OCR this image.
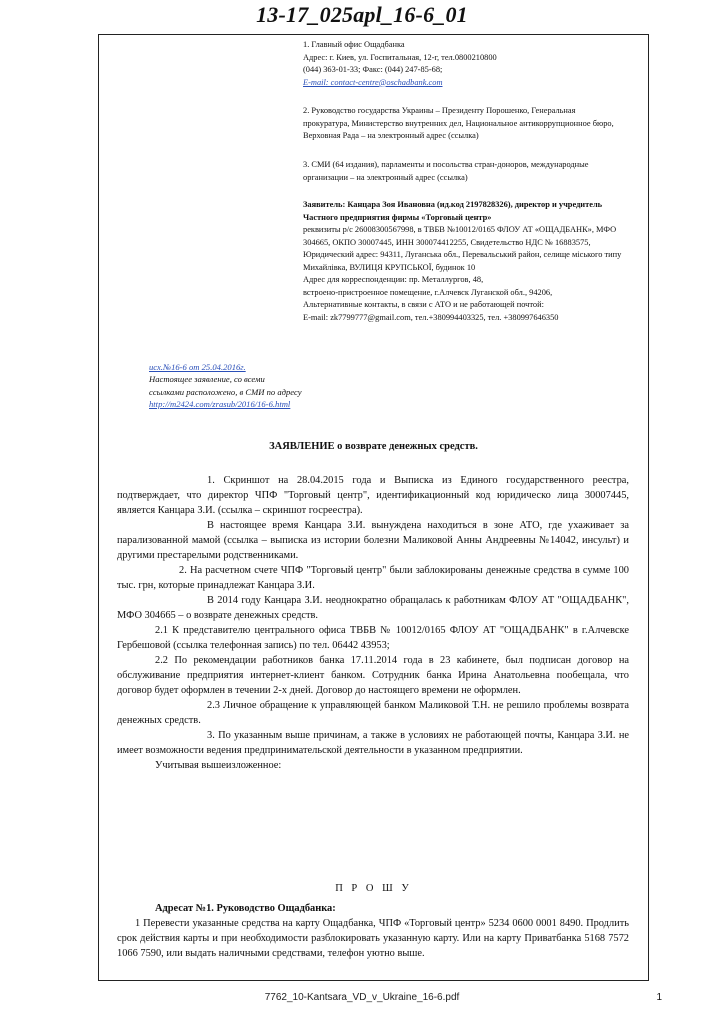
13-17_025apl_16-6_01

1. Главный офис Ощадбанка

Адрес: г. Киев, ул. Госпитальная, 12-г, тел.0800210800

(044) 363-01-33; Факс: (044) 247-85-68;

E-mail: contact-centre@oschadbank.com

2. Руководство государства Украины – Президенту Порошенко, Генеральная прокуратура, Министерство внутренних дел, Национальное антикоррупционное бюро, Верховная Рада – на электронный адрес (ссылка)

3. СМИ (64 издания), парламенты и посольства стран-доноров, международные организации – на электронный адрес (ссылка)

Заявитель: Канцара Зоя Ивановна (ид.код 2197828326), директор и учредитель Частного предприятия фирмы «Торговый центр»

реквизиты р/с 26008300567998, в ТВБВ №10012/0165 ФЛОУ АТ «ОЩАДБАНК», МФО 304665, ОКПО 30007445, ИНН 300074412255, Свидетельство НДС № 16883575,

Юридический адрес: 94311, Луганська обл., Перевальський район, селище міського типу Михайлівка, ВУЛИЦЯ КРУПСЬКОЇ, будинок 10

Адрес для корреспонденции: пр. Металлургов, 48,

встроено-пристроенное помещение, г.Алчевск Луганской обл., 94206,

Альтернативные контакты, в связи с АТО и не работающей почтой:

E-mail: zk7799777@gmail.com, тел.+380994403325, тел. +380997646350

исх.№16-6 от 25.04.2016г.

Настоящее заявление, со всеми

ссылками расположено, в СМИ по адресу

http://m2424.com/zrasub/2016/16-6.html

ЗАЯВЛЕНИЕ о возврате денежных средств.

1. Скриншот на 28.04.2015 года и Выписка из Единого государственного реестра, подтверждает, что директор ЧПФ "Торговый центр", идентификационный код юридическо лица 30007445, является Канцара З.И. (ссылка – скриншот госреестра).

В настоящее время Канцара З.И. вынуждена находиться в зоне АТО, где ухаживает за парализованной мамой (ссылка – выписка из истории болезни Маликовой Анны Андреевны №14042, инсульт) и другими престарелыми родственниками.

2. На расчетном счете ЧПФ "Торговый центр" были заблокированы денежные средства в сумме 100 тыс. грн, которые принадлежат Канцара З.И.

В 2014 году Канцара З.И. неоднократно обращалась к работникам ФЛОУ АТ "ОЩАДБАНК", МФО 304665 – о возврате денежных средств.

2.1 К представителю центрального офиса ТВБВ № 10012/0165 ФЛОУ АТ "ОЩАДБАНК" в г.Алчевске Гербешовой (ссылка телефонная запись) по тел. 06442 43953;

2.2 По рекомендации работников банка 17.11.2014 года в 23 кабинете, был подписан договор на обслуживание предприятия интернет-клиент банком. Сотрудник банка Ирина Анатольевна пообещала, что договор будет оформлен в течении 2-х дней. Договор до настоящего времени не оформлен.

2.3 Личное обращение к управляющей банком Маликовой Т.Н. не решило проблемы возврата денежных средств.

3. По указанным выше причинам, а также в условиях не работающей почты, Канцара З.И. не имеет возможности ведения предпринимательской деятельности в указанном предприятии.

Учитывая вышеизложенное:

П Р О Ш У

Адресат №1. Руководство Ощадбанка:

1 Перевести указанные средства на карту Ощадбанка, ЧПФ «Торговый центр» 5234 0600 0001 8490. Продлить срок действия карты и при необходимости разблокировать указанную карту. Или на карту Приватбанка 5168 7572 1066 7590, или выдать наличными средствами, телефон уютно выше.

7762_10-Kantsara_VD_v_Ukraine_16-6.pdf	1
